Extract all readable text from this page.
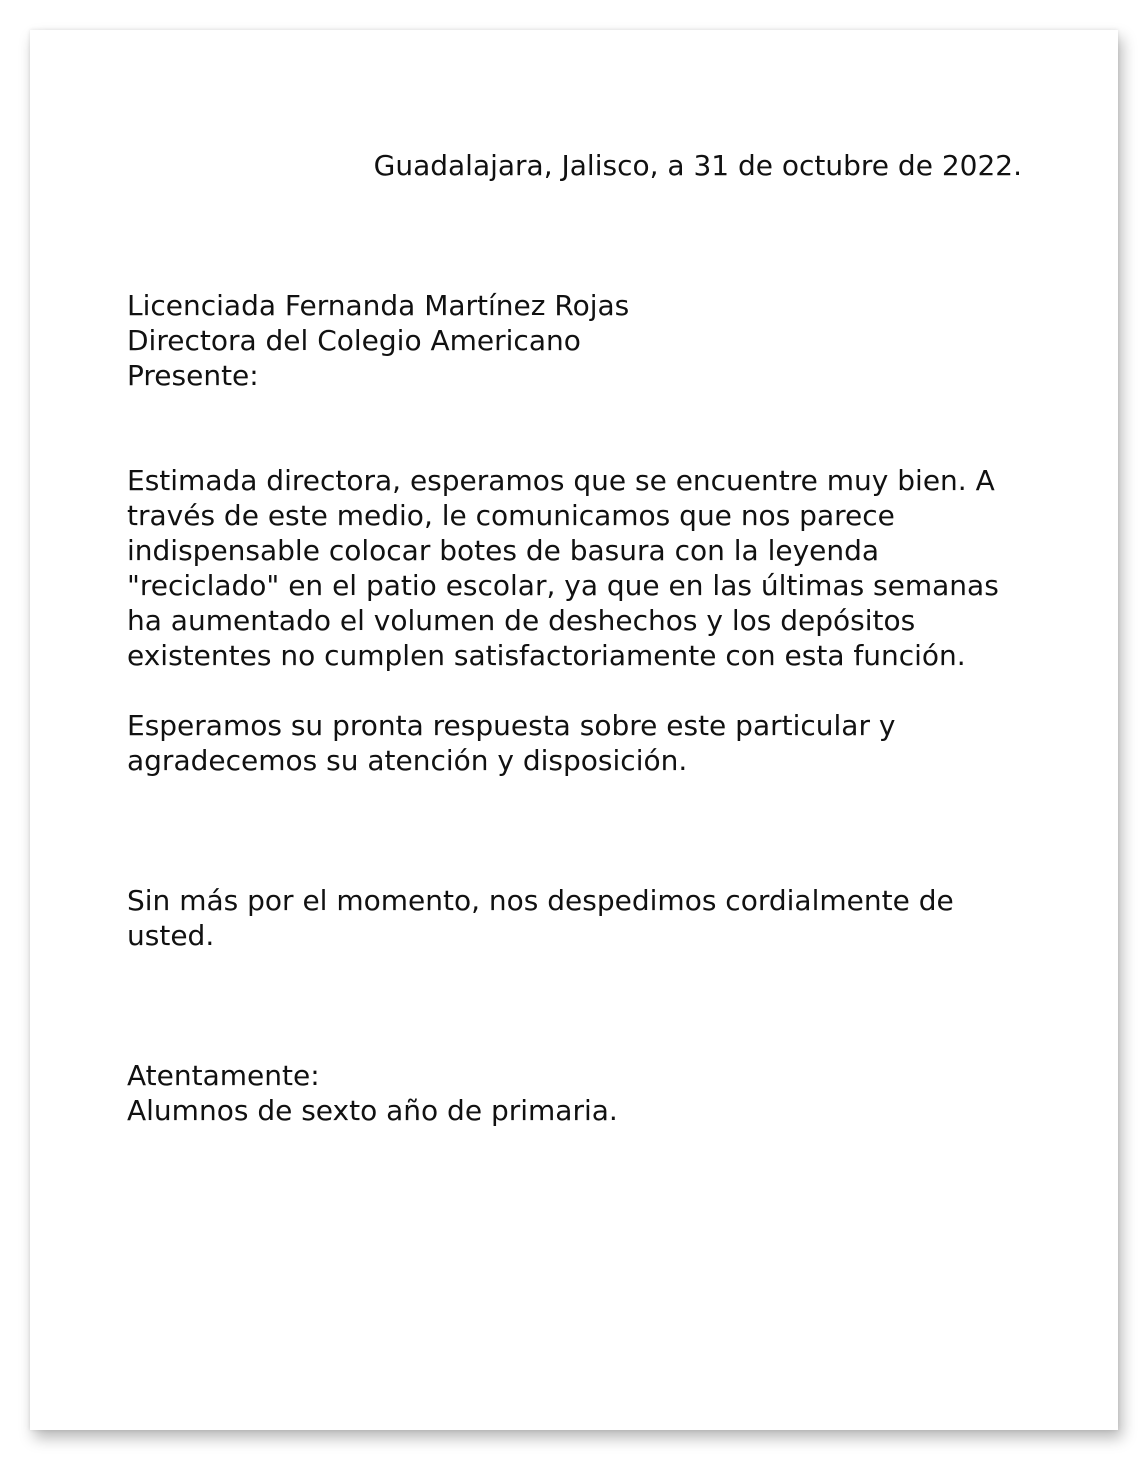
Guadalajara, Jalisco, a 31 de octubre de 2022.
Licenciada Fernanda Martínez Rojas
Directora del Colegio Americano
Presente:

Estimada directora, esperamos que se encuentre muy bien. A través de este medio, le comunicamos que nos parece indispensable colocar botes de basura con la leyenda "reciclado" en el patio escolar, ya que en las últimas semanas ha aumentado el volumen de deshechos y los depósitos existentes no cumplen satisfactoriamente con esta función.

Esperamos su pronta respuesta sobre este particular y agradecemos su atención y disposición.

Sin más por el momento, nos despedimos cordialmente de usted.
Atentamente:
Alumnos de sexto año de primaria.
